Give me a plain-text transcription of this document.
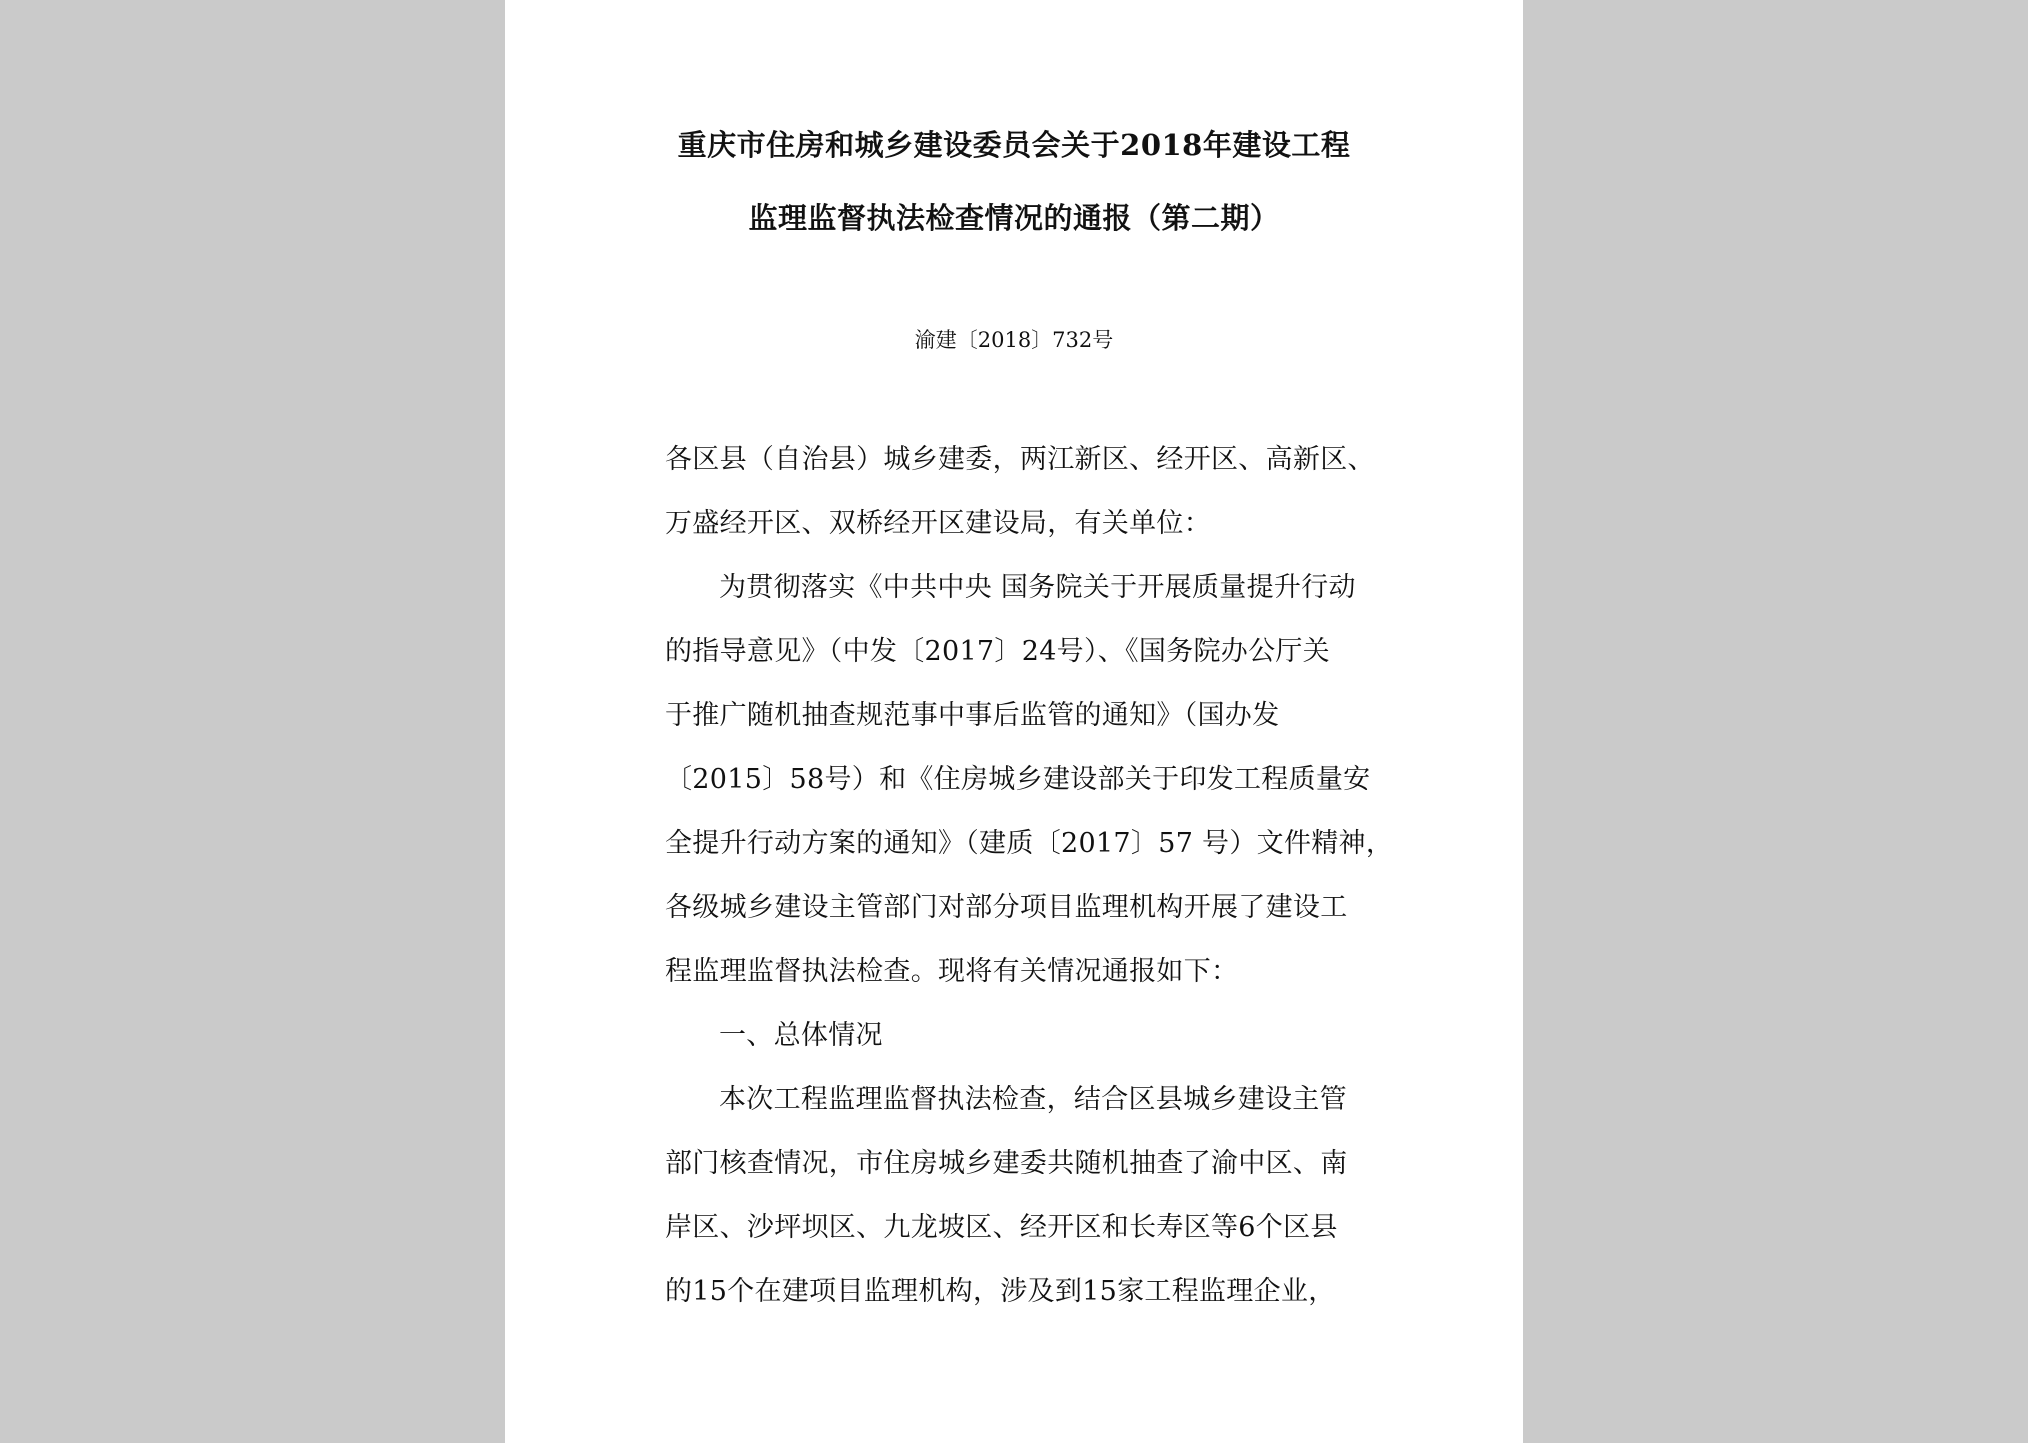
重庆市住房和城乡建设委员会关于2018年建设工程
监理监督执法检查情况的通报（第二期）
渝建〔2018〕732号
各区县（自治县）城乡建委，两江新区、经开区、高新区、
万盛经开区、双桥经开区建设局，有关单位：
为贯彻落实《中共中央 国务院关于开展质量提升行动
的指导意见》（中发〔2017〕24号）、《国务院办公厅关
于推广随机抽查规范事中事后监管的通知》（国办发
〔2015〕58号）和《住房城乡建设部关于印发工程质量安
全提升行动方案的通知》（建质〔2017〕57 号）文件精神，
各级城乡建设主管部门对部分项目监理机构开展了建设工
程监理监督执法检查。现将有关情况通报如下：
一、总体情况
本次工程监理监督执法检查，结合区县城乡建设主管
部门核查情况，市住房城乡建委共随机抽查了渝中区、南
岸区、沙坪坝区、九龙坡区、经开区和长寿区等6个区县
的15个在建项目监理机构，涉及到15家工程监理企业，
